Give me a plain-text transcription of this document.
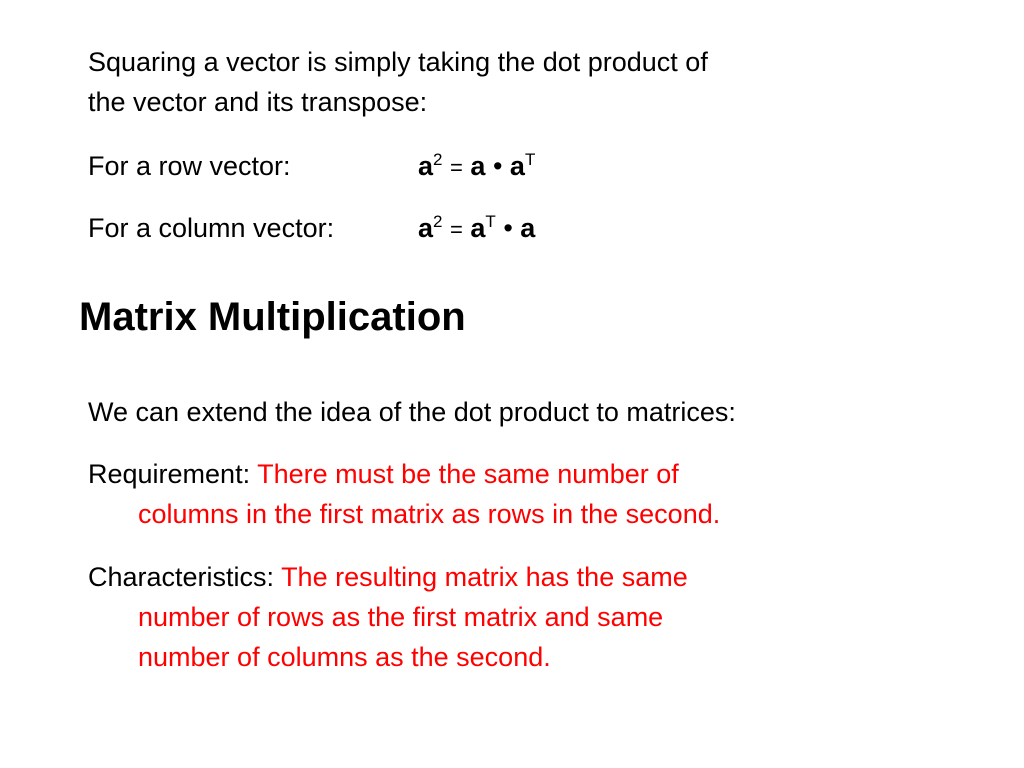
Squaring a vector is simply taking the dot product of
the vector and its transpose:

For a row vector:	$a^2 = a$ • $a^T$
For a column vector:	$a^2 = a^T$ • a
Matrix Multiplication

We can extend the idea of the dot product to matrices:

Requirement: There must be the same number of
columns in the first matrix as rows in the second.

Characteristics: The resulting matrix has the same
number of rows as the first matrix and same
number of columns as the second.
